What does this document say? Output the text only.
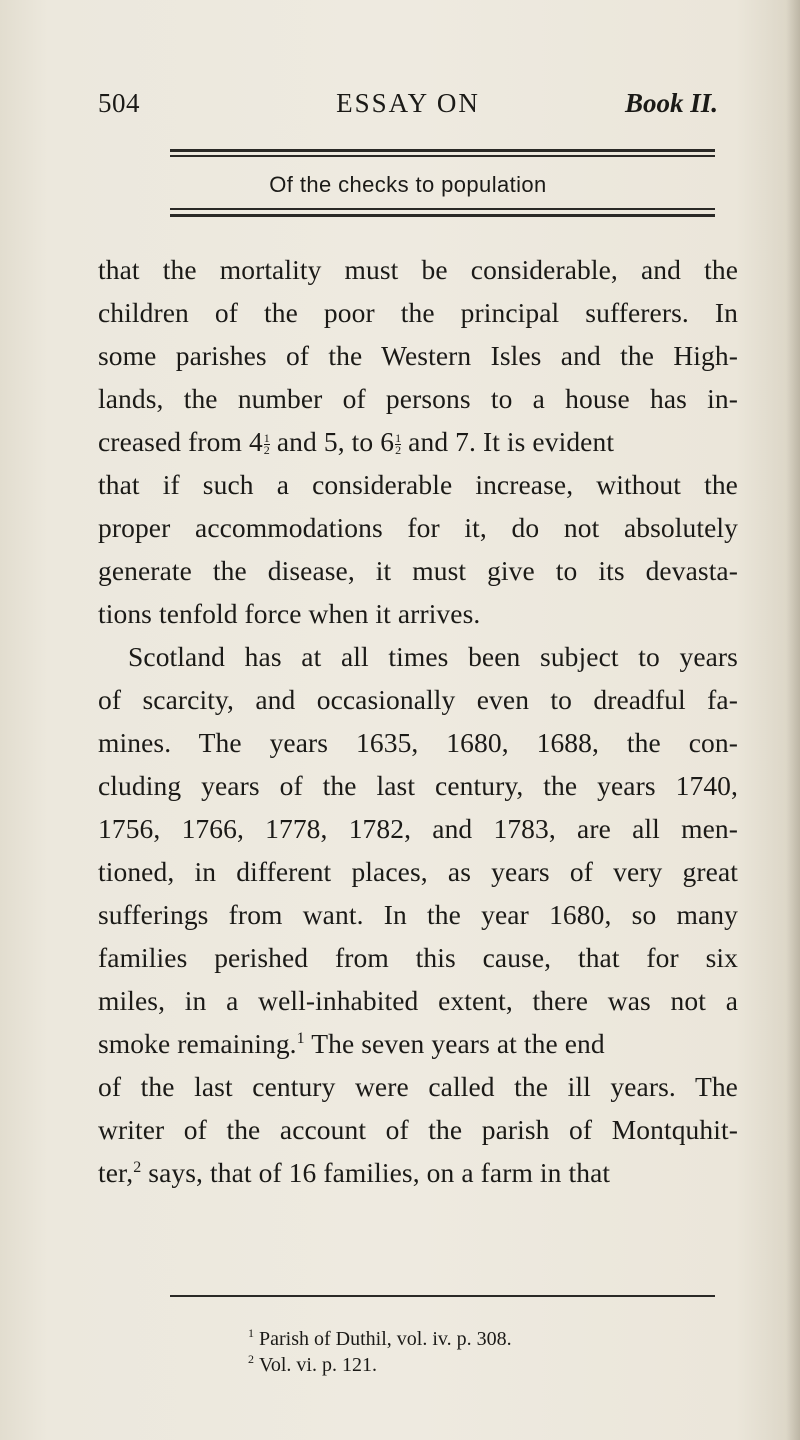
504	ESSAY ON	Book II.
Of the checks to population
that the mortality must be considerable, and the
children of the poor the principal sufferers. In
some parishes of the Western Isles and the High-
lands, the number of persons to a house has in-
creased from $4 \frac{1}{2}$ and 5, to $6 \frac{1}{2}$ and 7. It is evident
that if such a considerable increase, without the
proper accommodations for it, do not absolutely
generate the disease, it must give to its devasta-
tions tenfold force when it arrives.
Scotland has at all times been subject to years
of scarcity, and occasionally even to dreadful fa-
mines. The years 1635, 1680, 1688, the con-
cluding years of the last century, the years 1740,
1756, 1766, 1778, 1782, and 1783, are all men-
tioned, in different places, as years of very great
sufferings from want. In the year 1680, so many
families perished from this cause, that for six
miles, in a well-inhabited extent, there was not a
smoke remaining.$^1$ The seven years at the end
of the last century were called the ill years. The
writer of the account of the parish of Montquhit-
ter,$^2$ says, that of 16 families, on a farm in that
$^1$ Parish of Duthil, vol. iv. p. 308.
$^2$ Vol. vi. p. 121.
